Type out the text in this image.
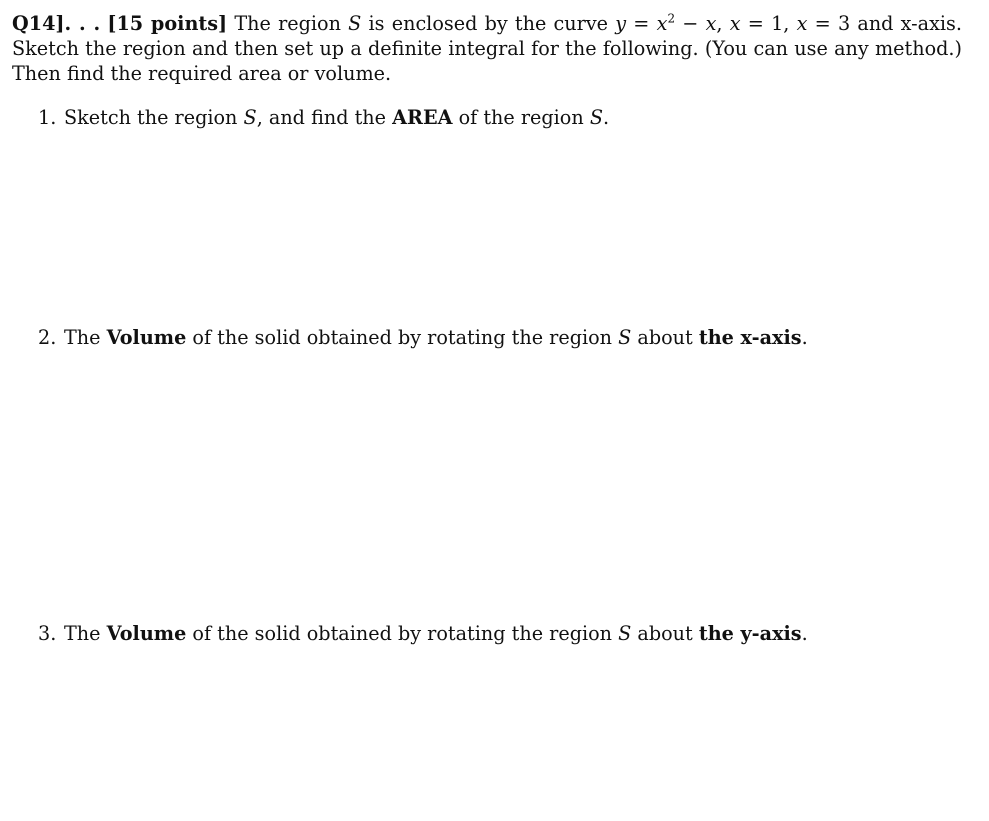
Q14]. . . [15 points] The region S is enclosed by the curve $y = x^2 - x$, x = 1, x = 3 and x-axis. Sketch the region and then set up a definite integral for the following. (You can use any method.) Then find the required area or volume.
1. Sketch the region S, and find the AREA of the region S.
2. The Volume of the solid obtained by rotating the region S about the x-axis.
3. The Volume of the solid obtained by rotating the region S about the y-axis.
